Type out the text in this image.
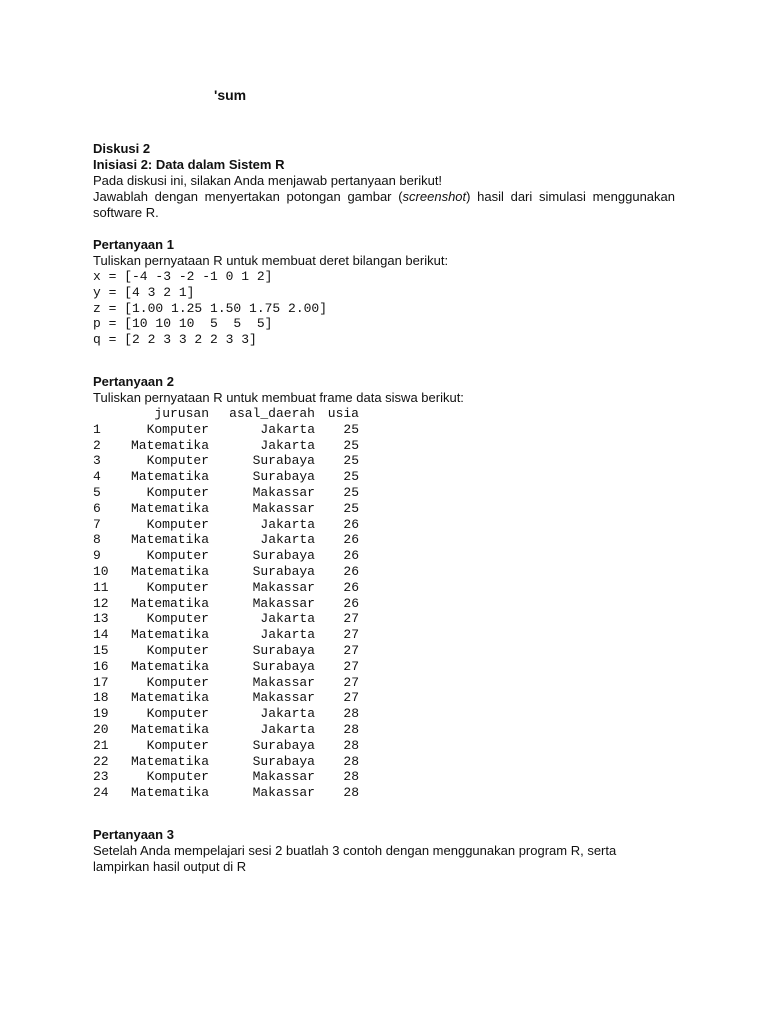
'sum
Diskusi 2
Inisiasi 2: Data dalam Sistem R
Pada diskusi ini, silakan Anda menjawab pertanyaan berikut!
Jawablah dengan menyertakan potongan gambar (screenshot) hasil dari simulasi menggunakan software R.
Pertanyaan 1
Tuliskan pernyataan R untuk membuat deret bilangan berikut:
x = [-4 -3 -2 -1 0 1 2]
y = [4 3 2 1]
z = [1.00 1.25 1.50 1.75 2.00]
p = [10 10 10  5  5  5]
q = [2 2 3 3 2 2 3 3]
Pertanyaan 2
Tuliskan pernyataan R untuk membuat frame data siswa berikut:
	jurusan	asal_daerah	usia
1	Komputer	Jakarta	25
2	Matematika	Jakarta	25
3	Komputer	Surabaya	25
4	Matematika	Surabaya	25
5	Komputer	Makassar	25
6	Matematika	Makassar	25
7	Komputer	Jakarta	26
8	Matematika	Jakarta	26
9	Komputer	Surabaya	26
10	Matematika	Surabaya	26
11	Komputer	Makassar	26
12	Matematika	Makassar	26
13	Komputer	Jakarta	27
14	Matematika	Jakarta	27
15	Komputer	Surabaya	27
16	Matematika	Surabaya	27
17	Komputer	Makassar	27
18	Matematika	Makassar	27
19	Komputer	Jakarta	28
20	Matematika	Jakarta	28
21	Komputer	Surabaya	28
22	Matematika	Surabaya	28
23	Komputer	Makassar	28
24	Matematika	Makassar	28
Pertanyaan 3
Setelah Anda mempelajari sesi 2 buatlah 3 contoh dengan menggunakan program R, serta lampirkan hasil output di R
